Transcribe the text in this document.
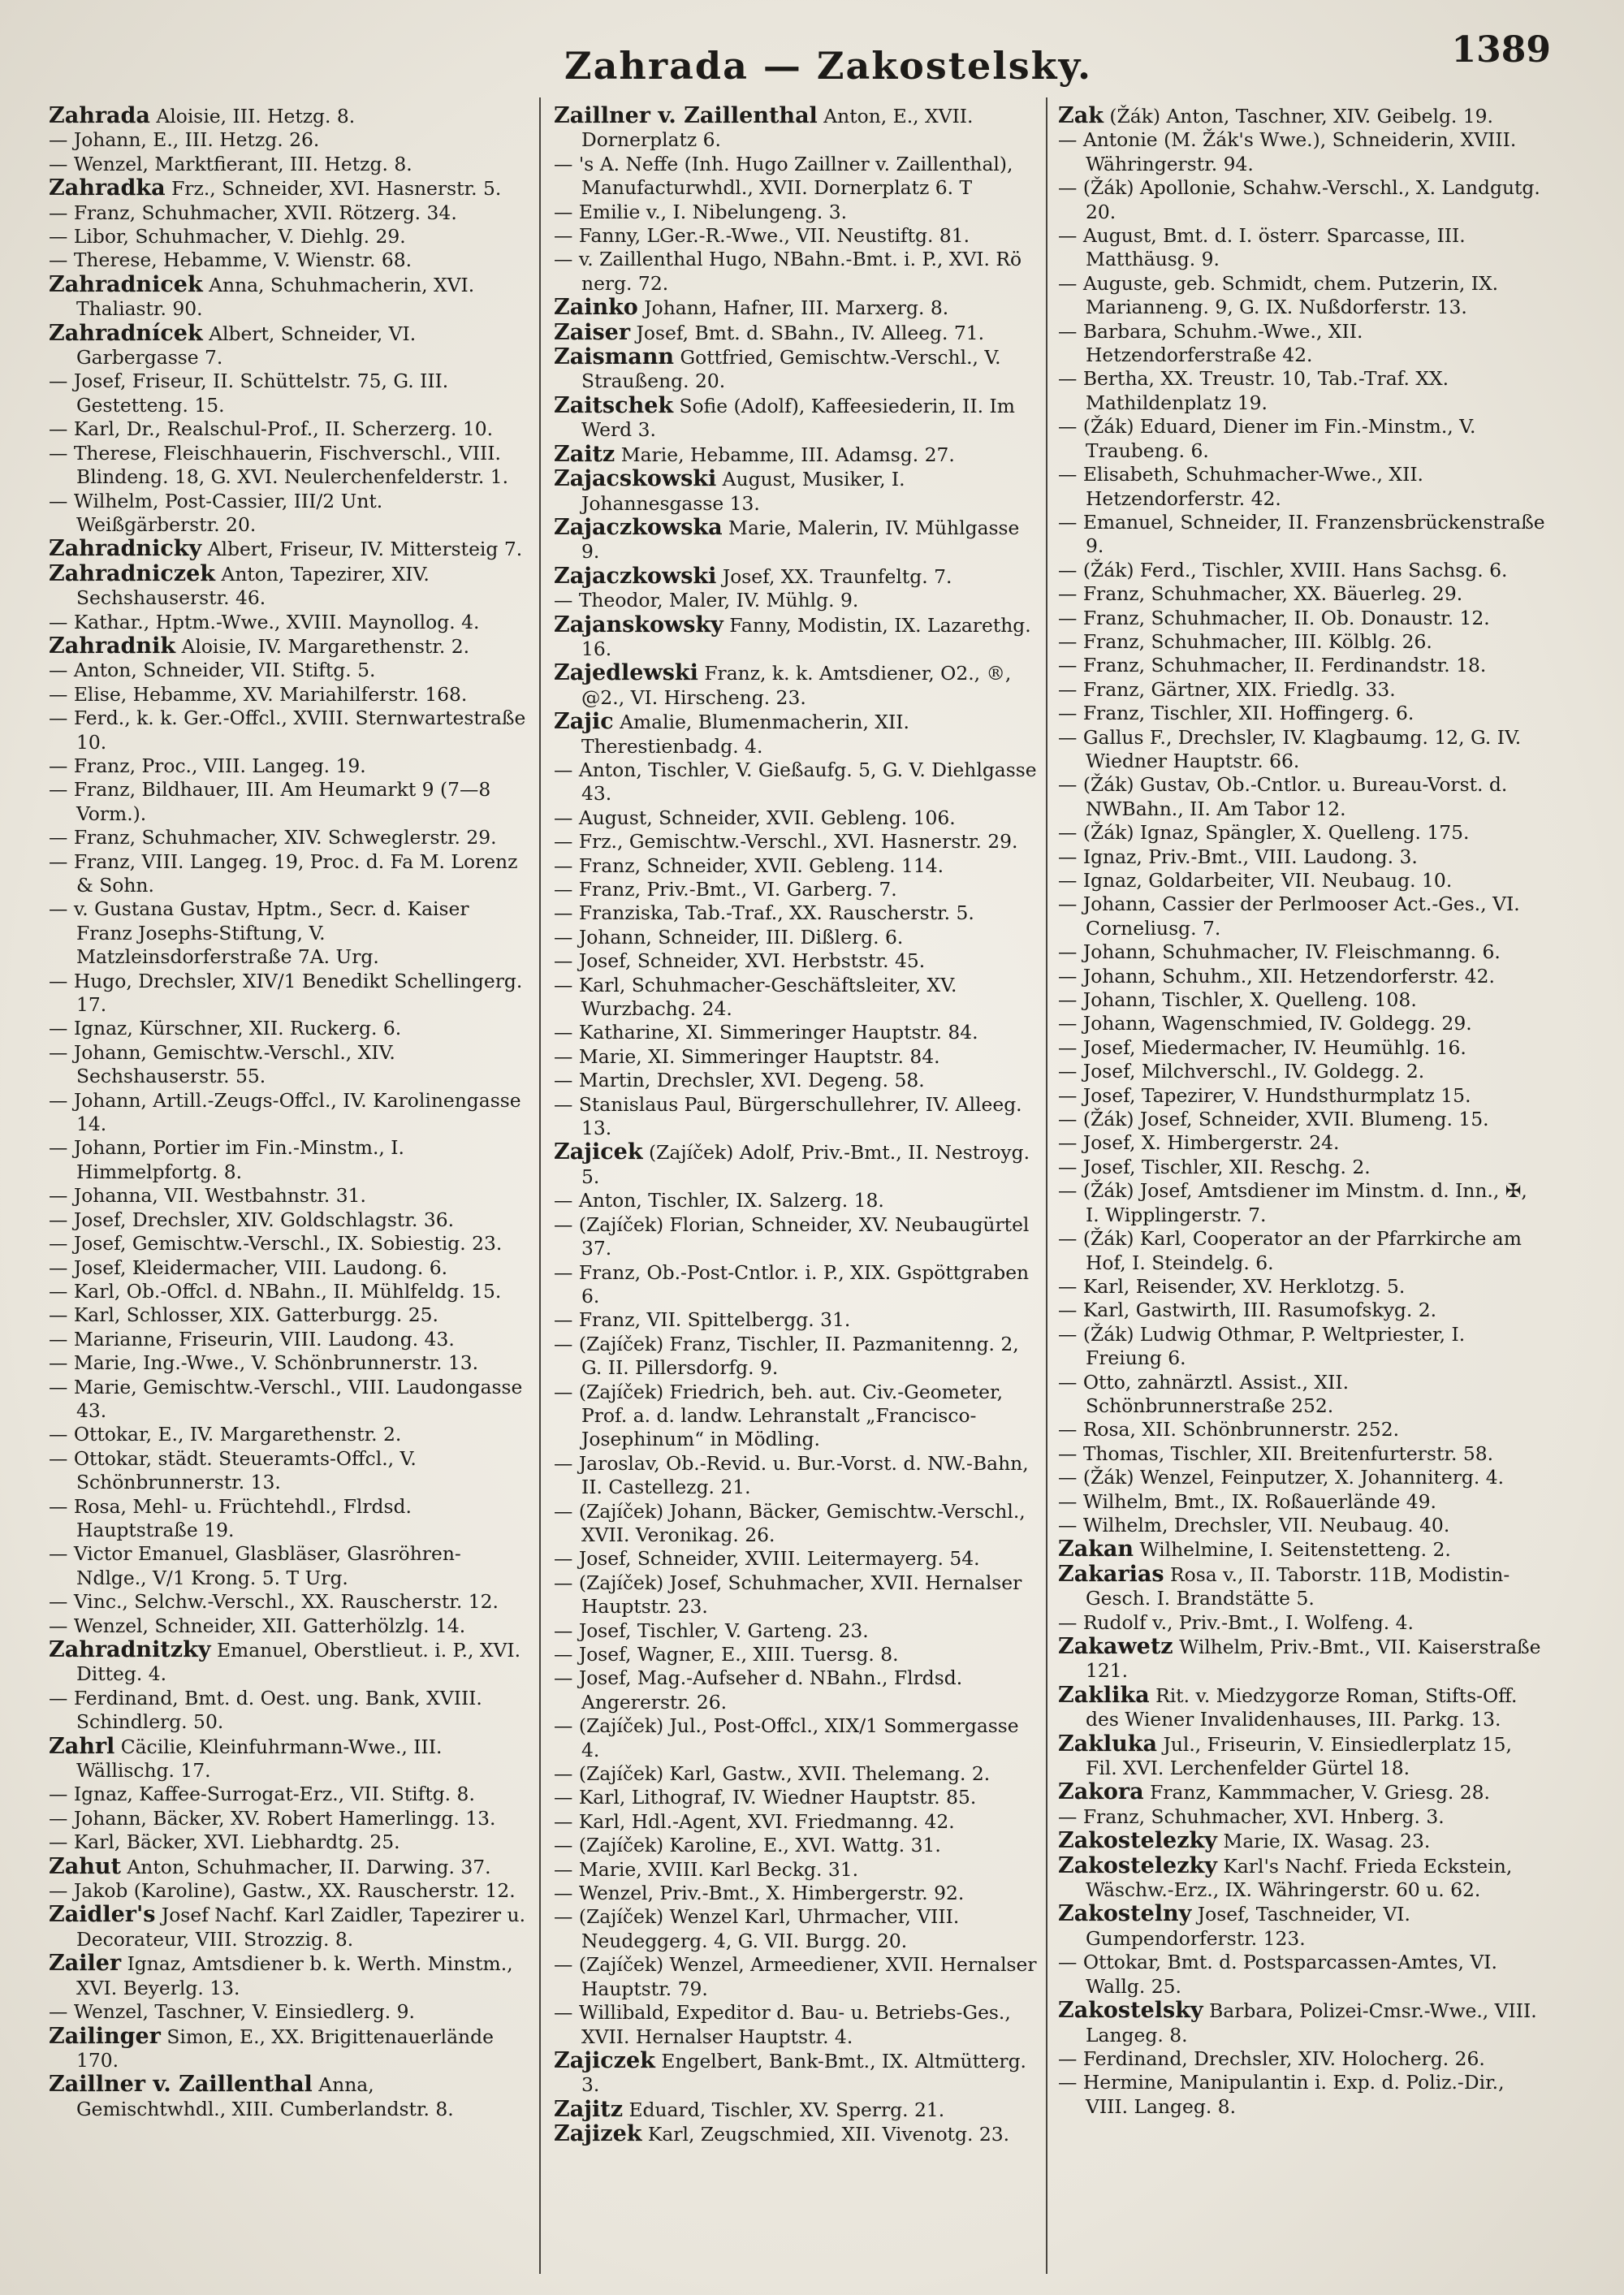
Zahrada — Zakostelsky.	1389
Zahrada Aloisie, III. Hetzg. 8.
— Johann, E., III. Hetzg. 26.
— Wenzel, Marktfierant, III. Hetzg. 8.
Zahradka Frz., Schneider, XVI. Hasnerstr. 5.
— Franz, Schuhmacher, XVII. Rötzerg. 34.
— Libor, Schuhmacher, V. Diehlg. 29.
— Therese, Hebamme, V. Wienstr. 68.
Zahradnicek Anna, Schuhmacherin, XVI. Thaliastr. 90.
Zahradnícek Albert, Schneider, VI. Garbergasse 7.
— Josef, Friseur, II. Schüttelstr. 75, G. III. Gestetteng. 15.
— Karl, Dr., Realschul-Prof., II. Scherzerg. 10.
— Therese, Fleischhauerin, Fischverschl., VIII. Blindeng. 18, G. XVI. Neulerchenfelderstr. 1.
— Wilhelm, Post-Cassier, III/2 Unt. Weißgärberstr. 20.
Zahradnicky Albert, Friseur, IV. Mittersteig 7.
Zahradniczek Anton, Tapezirer, XIV. Sechshauserstr. 46.
— Kathar., Hptm.-Wwe., XVIII. Maynollog. 4.
Zahradnik Aloisie, IV. Margarethenstr. 2.
— Anton, Schneider, VII. Stiftg. 5.
— Elise, Hebamme, XV. Mariahilferstr. 168.
— Ferd., k. k. Ger.-Offcl., XVIII. Sternwartestraße 10.
— Franz, Proc., VIII. Langeg. 19.
— Franz, Bildhauer, III. Am Heumarkt 9 (7—8 Vorm.).
— Franz, Schuhmacher, XIV. Schweglerstr. 29.
— Franz, VIII. Langeg. 19, Proc. d. Fa M. Lorenz & Sohn.
— v. Gustana Gustav, Hptm., Secr. d. Kaiser Franz Josephs-Stiftung, V. Matzleinsdorferstraße 7A. Urg.
— Hugo, Drechsler, XIV/1 Benedikt Schellingerg. 17.
— Ignaz, Kürschner, XII. Ruckerg. 6.
— Johann, Gemischtw.-Verschl., XIV. Sechshauserstr. 55.
— Johann, Artill.-Zeugs-Offcl., IV. Karolinengasse 14.
— Johann, Portier im Fin.-Minstm., I. Himmelpfortg. 8.
— Johanna, VII. Westbahnstr. 31.
— Josef, Drechsler, XIV. Goldschlagstr. 36.
— Josef, Gemischtw.-Verschl., IX. Sobiestig. 23.
— Josef, Kleidermacher, VIII. Laudong. 6.
— Karl, Ob.-Offcl. d. NBahn., II. Mühlfeldg. 15.
— Karl, Schlosser, XIX. Gatterburgg. 25.
— Marianne, Friseurin, VIII. Laudong. 43.
— Marie, Ing.-Wwe., V. Schönbrunnerstr. 13.
— Marie, Gemischtw.-Verschl., VIII. Laudongasse 43.
— Ottokar, E., IV. Margarethenstr. 2.
— Ottokar, städt. Steueramts-Offcl., V. Schönbrunnerstr. 13.
— Rosa, Mehl- u. Früchtehdl., Flrdsd. Hauptstraße 19.
— Victor Emanuel, Glasbläser, Glasröhren-Ndlge., V/1 Krong. 5. T Urg.
— Vinc., Selchw.-Verschl., XX. Rauscherstr. 12.
— Wenzel, Schneider, XII. Gatterhölzlg. 14.
Zahradnitzky Emanuel, Oberstlieut. i. P., XVI. Ditteg. 4.
— Ferdinand, Bmt. d. Oest. ung. Bank, XVIII. Schindlerg. 50.
Zahrl Cäcilie, Kleinfuhrmann-Wwe., III. Wällischg. 17.
— Ignaz, Kaffee-Surrogat-Erz., VII. Stiftg. 8.
— Johann, Bäcker, XV. Robert Hamerlingg. 13.
— Karl, Bäcker, XVI. Liebhardtg. 25.
Zahut Anton, Schuhmacher, II. Darwing. 37.
— Jakob (Karoline), Gastw., XX. Rauscherstr. 12.
Zaidler's Josef Nachf. Karl Zaidler, Tapezirer u. Decorateur, VIII. Strozzig. 8.
Zailer Ignaz, Amtsdiener b. k. Werth. Minstm., XVI. Beyerlg. 13.
— Wenzel, Taschner, V. Einsiedlerg. 9.
Zailinger Simon, E., XX. Brigittenauerlände 170.
Zaillner v. Zaillenthal Anna, Gemischtwhdl., XIII. Cumberlandstr. 8.
Zaillner v. Zaillenthal Anton, E., XVII. Dornerplatz 6.
— 's A. Neffe (Inh. Hugo Zaillner v. Zaillenthal), Manufacturwhdl., XVII. Dornerplatz 6. T
— Emilie v., I. Nibelungeng. 3.
— Fanny, LGer.-R.-Wwe., VII. Neustiftg. 81.
— v. Zaillenthal Hugo, NBahn.-Bmt. i. P., XVI. Rö nerg. 72.
Zainko Johann, Hafner, III. Marxerg. 8.
Zaiser Josef, Bmt. d. SBahn., IV. Alleeg. 71.
Zaismann Gottfried, Gemischtw.-Verschl., V. Straußeng. 20.
Zaitschek Sofie (Adolf), Kaffeesiederin, II. Im Werd 3.
Zaitz Marie, Hebamme, III. Adamsg. 27.
Zajacskowski August, Musiker, I. Johannesgasse 13.
Zajaczkowska Marie, Malerin, IV. Mühlgasse 9.
Zajaczkowski Josef, XX. Traunfeltg. 7.
— Theodor, Maler, IV. Mühlg. 9.
Zajanskowsky Fanny, Modistin, IX. Lazarethg. 16.
Zajedlewski Franz, k. k. Amtsdiener, O2., ®, @2., VI. Hirscheng. 23.
Zajic Amalie, Blumenmacherin, XII. Therestienbadg. 4.
— Anton, Tischler, V. Gießaufg. 5, G. V. Diehlgasse 43.
— August, Schneider, XVII. Gebleng. 106.
— Frz., Gemischtw.-Verschl., XVI. Hasnerstr. 29.
— Franz, Schneider, XVII. Gebleng. 114.
— Franz, Priv.-Bmt., VI. Garberg. 7.
— Franziska, Tab.-Traf., XX. Rauscherstr. 5.
— Johann, Schneider, III. Dißlerg. 6.
— Josef, Schneider, XVI. Herbststr. 45.
— Karl, Schuhmacher-Geschäftsleiter, XV. Wurzbachg. 24.
— Katharine, XI. Simmeringer Hauptstr. 84.
— Marie, XI. Simmeringer Hauptstr. 84.
— Martin, Drechsler, XVI. Degeng. 58.
— Stanislaus Paul, Bürgerschullehrer, IV. Alleeg. 13.
Zajicek (Zajíček) Adolf, Priv.-Bmt., II. Nestroyg. 5.
— Anton, Tischler, IX. Salzerg. 18.
— (Zajíček) Florian, Schneider, XV. Neubaugürtel 37.
— Franz, Ob.-Post-Cntlor. i. P., XIX. Gspöttgraben 6.
— Franz, VII. Spittelbergg. 31.
— (Zajíček) Franz, Tischler, II. Pazmanitenng. 2, G. II. Pillersdorfg. 9.
— (Zajíček) Friedrich, beh. aut. Civ.-Geometer, Prof. a. d. landw. Lehranstalt „Francisco-Josephinum“ in Mödling.
— Jaroslav, Ob.-Revid. u. Bur.-Vorst. d. NW.-Bahn, II. Castellezg. 21.
— (Zajíček) Johann, Bäcker, Gemischtw.-Verschl., XVII. Veronikag. 26.
— Josef, Schneider, XVIII. Leitermayerg. 54.
— (Zajíček) Josef, Schuhmacher, XVII. Hernalser Hauptstr. 23.
— Josef, Tischler, V. Garteng. 23.
— Josef, Wagner, E., XIII. Tuersg. 8.
— Josef, Mag.-Aufseher d. NBahn., Flrdsd. Angererstr. 26.
— (Zajíček) Jul., Post-Offcl., XIX/1 Sommergasse 4.
— (Zajíček) Karl, Gastw., XVII. Thelemang. 2.
— Karl, Lithograf, IV. Wiedner Hauptstr. 85.
— Karl, Hdl.-Agent, XVI. Friedmanng. 42.
— (Zajíček) Karoline, E., XVI. Wattg. 31.
— Marie, XVIII. Karl Beckg. 31.
— Wenzel, Priv.-Bmt., X. Himbergerstr. 92.
— (Zajíček) Wenzel Karl, Uhrmacher, VIII. Neudeggerg. 4, G. VII. Burgg. 20.
— (Zajíček) Wenzel, Armeediener, XVII. Hernalser Hauptstr. 79.
— Willibald, Expeditor d. Bau- u. Betriebs-Ges., XVII. Hernalser Hauptstr. 4.
Zajiczek Engelbert, Bank-Bmt., IX. Altmütterg. 3.
Zajitz Eduard, Tischler, XV. Sperrg. 21.
Zajizek Karl, Zeugschmied, XII. Vivenotg. 23.
Zak (Žák) Anton, Taschner, XIV. Geibelg. 19.
— Antonie (M. Žák's Wwe.), Schneiderin, XVIII. Währingerstr. 94.
— (Žák) Apollonie, Schahw.-Verschl., X. Landgutg. 20.
— August, Bmt. d. I. österr. Sparcasse, III. Matthäusg. 9.
— Auguste, geb. Schmidt, chem. Putzerin, IX. Marianneng. 9, G. IX. Nußdorferstr. 13.
— Barbara, Schuhm.-Wwe., XII. Hetzendorferstraße 42.
— Bertha, XX. Treustr. 10, Tab.-Traf. XX. Mathildenplatz 19.
— (Žák) Eduard, Diener im Fin.-Minstm., V. Traubeng. 6.
— Elisabeth, Schuhmacher-Wwe., XII. Hetzendorferstr. 42.
— Emanuel, Schneider, II. Franzensbrückenstraße 9.
— (Žák) Ferd., Tischler, XVIII. Hans Sachsg. 6.
— Franz, Schuhmacher, XX. Bäuerleg. 29.
— Franz, Schuhmacher, II. Ob. Donaustr. 12.
— Franz, Schuhmacher, III. Kölblg. 26.
— Franz, Schuhmacher, II. Ferdinandstr. 18.
— Franz, Gärtner, XIX. Friedlg. 33.
— Franz, Tischler, XII. Hoffingerg. 6.
— Gallus F., Drechsler, IV. Klagbaumg. 12, G. IV. Wiedner Hauptstr. 66.
— (Žák) Gustav, Ob.-Cntlor. u. Bureau-Vorst. d. NWBahn., II. Am Tabor 12.
— (Žák) Ignaz, Spängler, X. Quelleng. 175.
— Ignaz, Priv.-Bmt., VIII. Laudong. 3.
— Ignaz, Goldarbeiter, VII. Neubaug. 10.
— Johann, Cassier der Perlmooser Act.-Ges., VI. Corneliusg. 7.
— Johann, Schuhmacher, IV. Fleischmanng. 6.
— Johann, Schuhm., XII. Hetzendorferstr. 42.
— Johann, Tischler, X. Quelleng. 108.
— Johann, Wagenschmied, IV. Goldegg. 29.
— Josef, Miedermacher, IV. Heumühlg. 16.
— Josef, Milchverschl., IV. Goldegg. 2.
— Josef, Tapezirer, V. Hundsthurmplatz 15.
— (Žák) Josef, Schneider, XVII. Blumeng. 15.
— Josef, X. Himbergerstr. 24.
— Josef, Tischler, XII. Reschg. 2.
— (Žák) Josef, Amtsdiener im Minstm. d. Inn., ✠, I. Wipplingerstr. 7.
— (Žák) Karl, Cooperator an der Pfarrkirche am Hof, I. Steindelg. 6.
— Karl, Reisender, XV. Herklotzg. 5.
— Karl, Gastwirth, III. Rasumofskyg. 2.
— (Žák) Ludwig Othmar, P. Weltpriester, I. Freiung 6.
— Otto, zahnärztl. Assist., XII. Schönbrunnerstraße 252.
— Rosa, XII. Schönbrunnerstr. 252.
— Thomas, Tischler, XII. Breitenfurterstr. 58.
— (Žák) Wenzel, Feinputzer, X. Johanniterg. 4.
— Wilhelm, Bmt., IX. Roßauerlände 49.
— Wilhelm, Drechsler, VII. Neubaug. 40.
Zakan Wilhelmine, I. Seitenstetteng. 2.
Zakarias Rosa v., II. Taborstr. 11B, Modistin-Gesch. I. Brandstätte 5.
— Rudolf v., Priv.-Bmt., I. Wolfeng. 4.
Zakawetz Wilhelm, Priv.-Bmt., VII. Kaiserstraße 121.
Zaklika Rit. v. Miedzygorze Roman, Stifts-Off. des Wiener Invalidenhauses, III. Parkg. 13.
Zakluka Jul., Friseurin, V. Einsiedlerplatz 15, Fil. XVI. Lerchenfelder Gürtel 18.
Zakora Franz, Kammmacher, V. Griesg. 28.
— Franz, Schuhmacher, XVI. Hnberg. 3.
Zakostelezky Marie, IX. Wasag. 23.
Zakostelezky Karl's Nachf. Frieda Eckstein, Wäschw.-Erz., IX. Währingerstr. 60 u. 62.
Zakostelny Josef, Taschneider, VI. Gumpendorferstr. 123.
— Ottokar, Bmt. d. Postsparcassen-Amtes, VI. Wallg. 25.
Zakostelsky Barbara, Polizei-Cmsr.-Wwe., VIII. Langeg. 8.
— Ferdinand, Drechsler, XIV. Holocherg. 26.
— Hermine, Manipulantin i. Exp. d. Poliz.-Dir., VIII. Langeg. 8.
